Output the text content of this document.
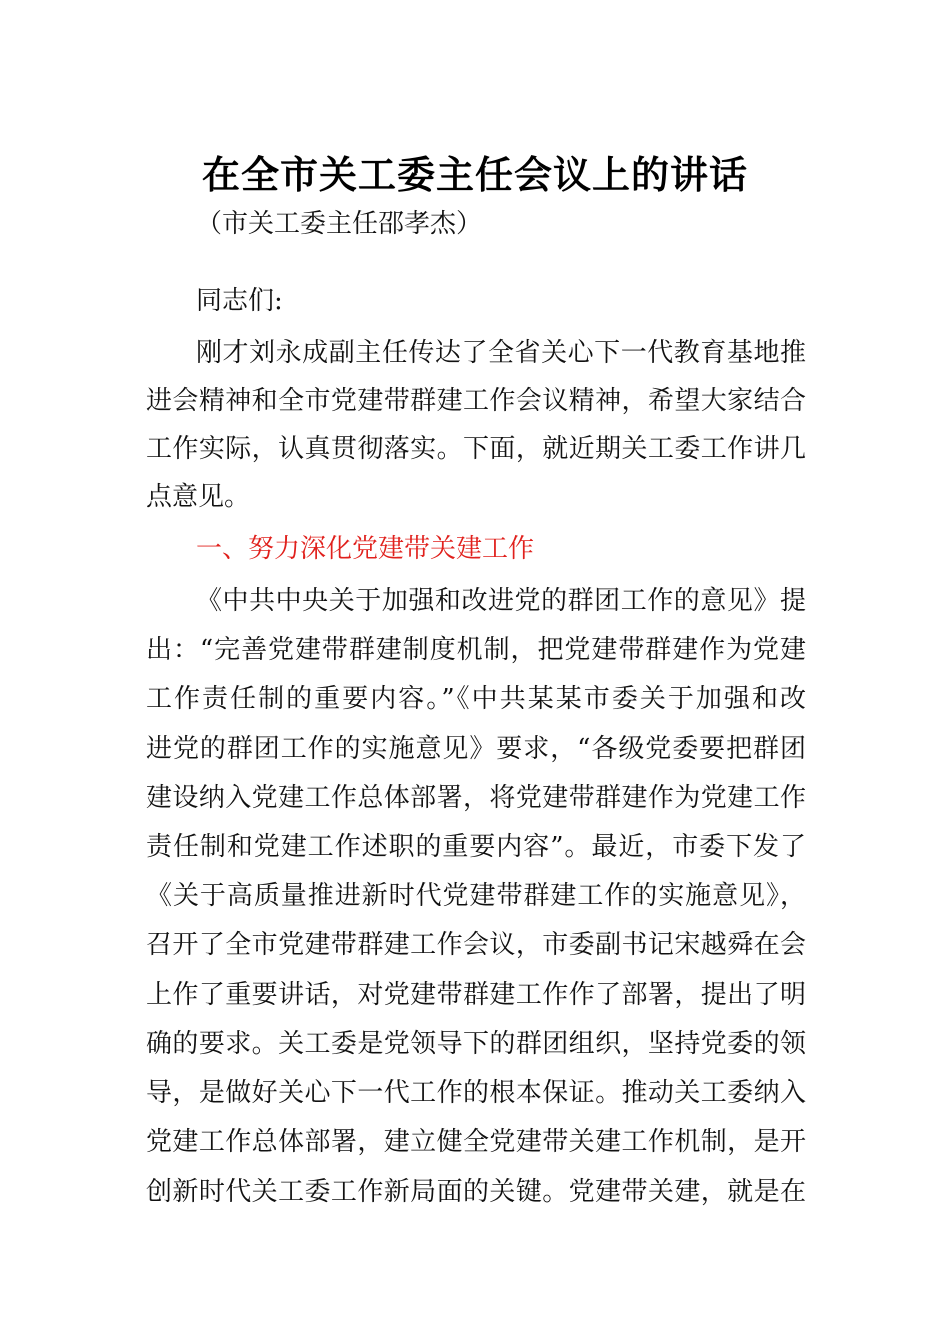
在全市关工委主任会议上的讲话
（市关工委主任邵孝杰）
同志们:
刚才刘永成副主任传达了全省关心下一代教育基地推
进会精神和全市党建带群建工作会议精神，希望大家结合
工作实际，认真贯彻落实。下面，就近期关工委工作讲几
点意见。
一、努力深化党建带关建工作
《中共中央关于加强和改进党的群团工作的意见》提
出：“完善党建带群建制度机制，把党建带群建作为党建
工作责任制的重要内容。”《中共某某市委关于加强和改
进党的群团工作的实施意见》要求，“各级党委要把群团
建设纳入党建工作总体部署，将党建带群建作为党建工作
责任制和党建工作述职的重要内容”。最近，市委下发了
《关于高质量推进新时代党建带群建工作的实施意见》，
召开了全市党建带群建工作会议，市委副书记宋越舜在会
上作了重要讲话，对党建带群建工作作了部署，提出了明
确的要求。关工委是党领导下的群团组织，坚持党委的领
导，是做好关心下一代工作的根本保证。推动关工委纳入
党建工作总体部署，建立健全党建带关建工作机制，是开
创新时代关工委工作新局面的关键。党建带关建，就是在
